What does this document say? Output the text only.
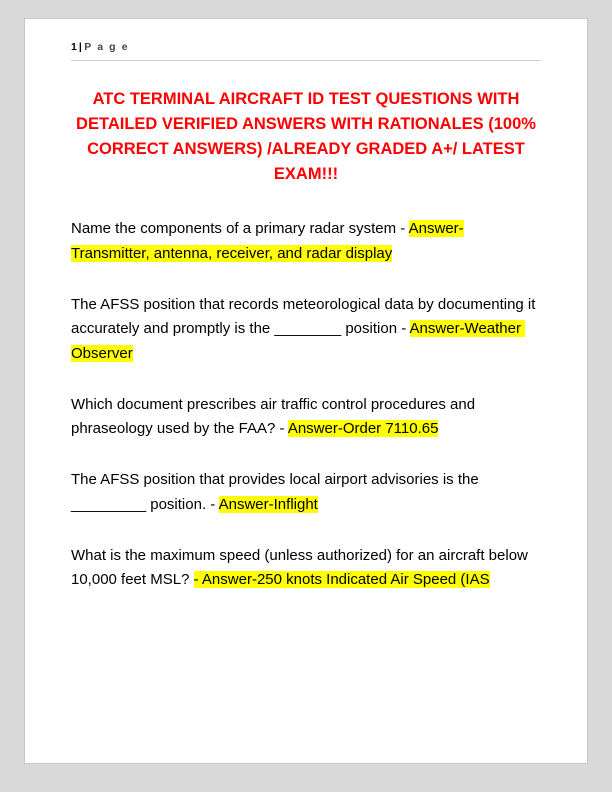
1 | P a g e
ATC TERMINAL AIRCRAFT ID TEST QUESTIONS WITH DETAILED VERIFIED ANSWERS WITH RATIONALES (100% CORRECT ANSWERS) /ALREADY GRADED A+/ LATEST EXAM!!!
Name the components of a primary radar system - Answer-Transmitter, antenna, receiver, and radar display
The AFSS position that records meteorological data by documenting it accurately and promptly is the ________ position - Answer-Weather Observer
Which document prescribes air traffic control procedures and phraseology used by the FAA? - Answer-Order 7110.65
The AFSS position that provides local airport advisories is the _________ position. - Answer-Inflight
What is the maximum speed (unless authorized) for an aircraft below 10,000 feet MSL? - Answer-250 knots Indicated Air Speed (IAS
